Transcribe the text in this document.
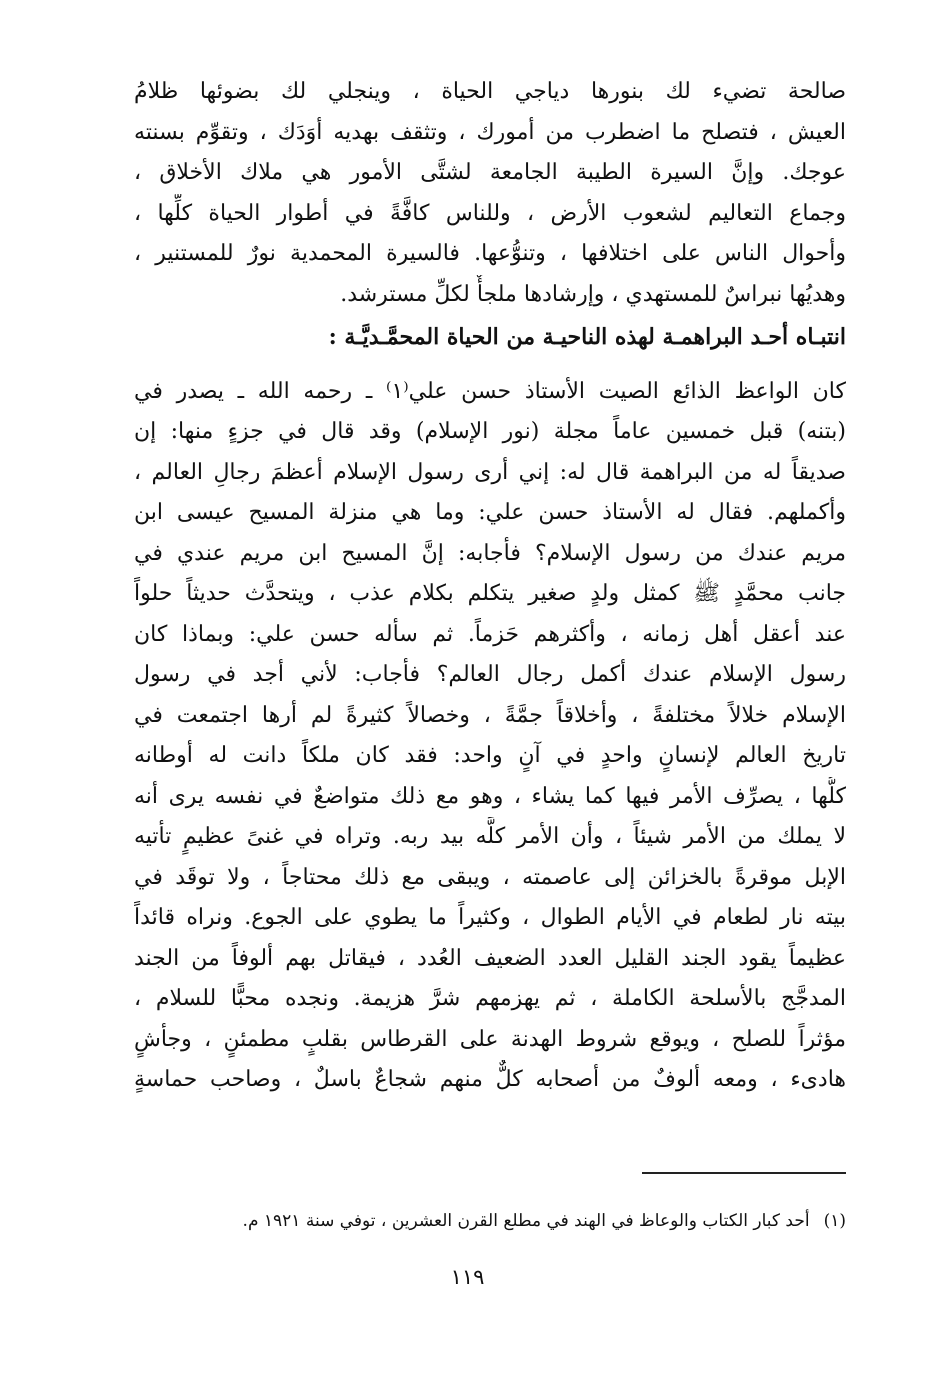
صالحة تضيء لك بنورها دياجي الحياة ، وينجلي لك بضوئها ظلامُ
العيش ، فتصلح ما اضطرب من أمورك ، وتثقف بهديه أوَدَك ، وتقوِّم بسنته
عوجك. وإنَّ السيرة الطيبة الجامعة لشتَّى الأمور هي ملاك الأخلاق ،
وجماع التعاليم لشعوب الأرض ، وللناس كافَّةً في أطوار الحياة كلِّها ،
وأحوال الناس على اختلافها ، وتنوُّعها. فالسيرة المحمدية نورٌ للمستنير ،
وهديُها نبراسٌ للمستهدي ، وإرشادها ملجأٌ لكلِّ مسترشد.
انتبـاه أحـد البراهمـة لهذه الناحيـة من الحياة المحمَّـديَّـة :
كان الواعظ الذائع الصيت الأستاذ حسن علي⁽١⁾ ـ رحمه الله ـ يصدر في
(بتنه) قبل خمسين عاماً مجلة (نور الإسلام) وقد قال في جزءٍ منها: إن
صديقاً له من البراهمة قال له: إني أرى رسول الإسلام أعظمَ رجالِ العالم ،
وأكملهم. فقال له الأستاذ حسن علي: وما هي منزلة المسيح عيسى ابن
مريم عندك من رسول الإسلام؟ فأجابه: إنَّ المسيح ابن مريم عندي في
جانب محمَّدٍ ﷺ كمثل ولدٍ صغير يتكلم بكلام عذب ، ويتحدَّث حديثاً حلواً
عند أعقل أهل زمانه ، وأكثرهم حَزماً. ثم سأله حسن علي: وبماذا كان
رسول الإسلام عندك أكمل رجال العالم؟ فأجاب: لأني أجد في رسول
الإسلام خلالاً مختلفةً ، وأخلاقاً جمَّةً ، وخصالاً كثيرةً لم أرها اجتمعت في
تاريخ العالم لإنسانٍ واحدٍ في آنٍ واحد: فقد كان ملكاً دانت له أوطانه
كلُّها ، يصرِّف الأمر فيها كما يشاء ، وهو مع ذلك متواضعٌ في نفسه يرى أنه
لا يملك من الأمر شيئاً ، وأن الأمر كلَّه بيد ربه. وتراه في غنىً عظيمٍ تأتيه
الإبل موقرةً بالخزائن إلى عاصمته ، ويبقى مع ذلك محتاجاً ، ولا توقَد في
بيته نار لطعام في الأيام الطوال ، وكثيراً ما يطوي على الجوع. ونراه قائداً
عظيماً يقود الجند القليل العدد الضعيف العُدد ، فيقاتل بهم ألوفاً من الجند
المدجَّج بالأسلحة الكاملة ، ثم يهزمهم شرَّ هزيمة. ونجده محبًّا للسلام ،
مؤثراً للصلح ، ويوقع شروط الهدنة على القرطاس بقلبٍ مطمئنٍ ، وجأشٍ
هادىء ، ومعه ألوفٌ من أصحابه كلٌّ منهم شجاعٌ باسلٌ ، وصاحب حماسةٍ
(١)أحد كبار الكتاب والوعاظ في الهند في مطلع القرن العشرين ، توفي سنة ١٩٢١ م.
١١٩
